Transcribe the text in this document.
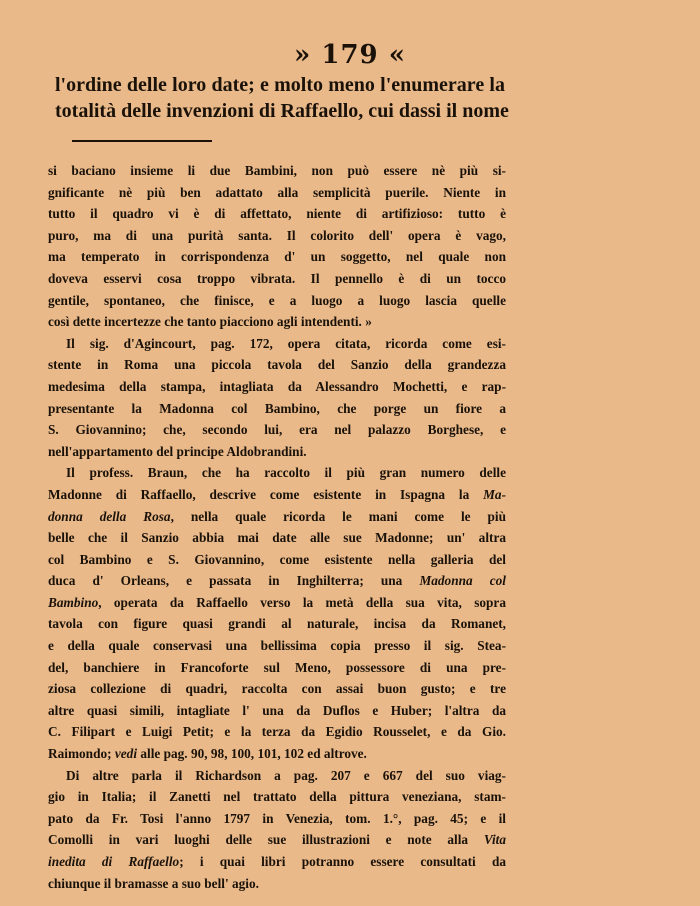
» 179 «
l'ordine delle loro date; e molto meno l'enumerare la
totalità delle invenzioni di Raffaello, cui dassi il nome
si baciano insieme li due Bambini, non può essere nè più si-
gnificante nè più ben adattato alla semplicità puerile. Niente in
tutto il quadro vi è di affettato, niente di artifizioso: tutto è
puro, ma di una purità santa. Il colorito dell' opera è vago,
ma temperato in corrispondenza d' un soggetto, nel quale non
doveva esservi cosa troppo vibrata. Il pennello è di un tocco
gentile, spontaneo, che finisce, e a luogo a luogo lascia quelle
così dette incertezze che tanto piacciono agli intendenti. »
Il sig. d'Agincourt, pag. 172, opera citata, ricorda come esi-
stente in Roma una piccola tavola del Sanzio della grandezza
medesima della stampa, intagliata da Alessandro Mochetti, e rap-
presentante la Madonna col Bambino, che porge un fiore a
S. Giovannino; che, secondo lui, era nel palazzo Borghese, e
nell'appartamento del principe Aldobrandini.
Il profess. Braun, che ha raccolto il più gran numero delle
Madonne di Raffaello, descrive come esistente in Ispagna la Ma-
donna della Rosa, nella quale ricorda le mani come le più
belle che il Sanzio abbia mai date alle sue Madonne; un' altra
col Bambino e S. Giovannino, come esistente nella galleria del
duca d' Orleans, e passata in Inghilterra; una Madonna col
Bambino, operata da Raffaello verso la metà della sua vita, sopra
tavola con figure quasi grandi al naturale, incisa da Romanet,
e della quale conservasi una bellissima copia presso il sig. Stea-
del, banchiere in Francoforte sul Meno, possessore di una pre-
ziosa collezione di quadri, raccolta con assai buon gusto; e tre
altre quasi simili, intagliate l' una da Duflos e Huber; l'altra da
C. Filipart e Luigi Petit; e la terza da Egidio Rousselet, e da Gio.
Raimondo; vedi alle pag. 90, 98, 100, 101, 102 ed altrove.
Di altre parla il Richardson a pag. 207 e 667 del suo viag-
gio in Italia; il Zanetti nel trattato della pittura veneziana, stam-
pato da Fr. Tosi l'anno 1797 in Venezia, tom. 1.°, pag. 45; e il
Comolli in vari luoghi delle sue illustrazioni e note alla Vita
inedita di Raffaello; i quai libri potranno essere consultati da
chiunque il bramasse a suo bell' agio.
